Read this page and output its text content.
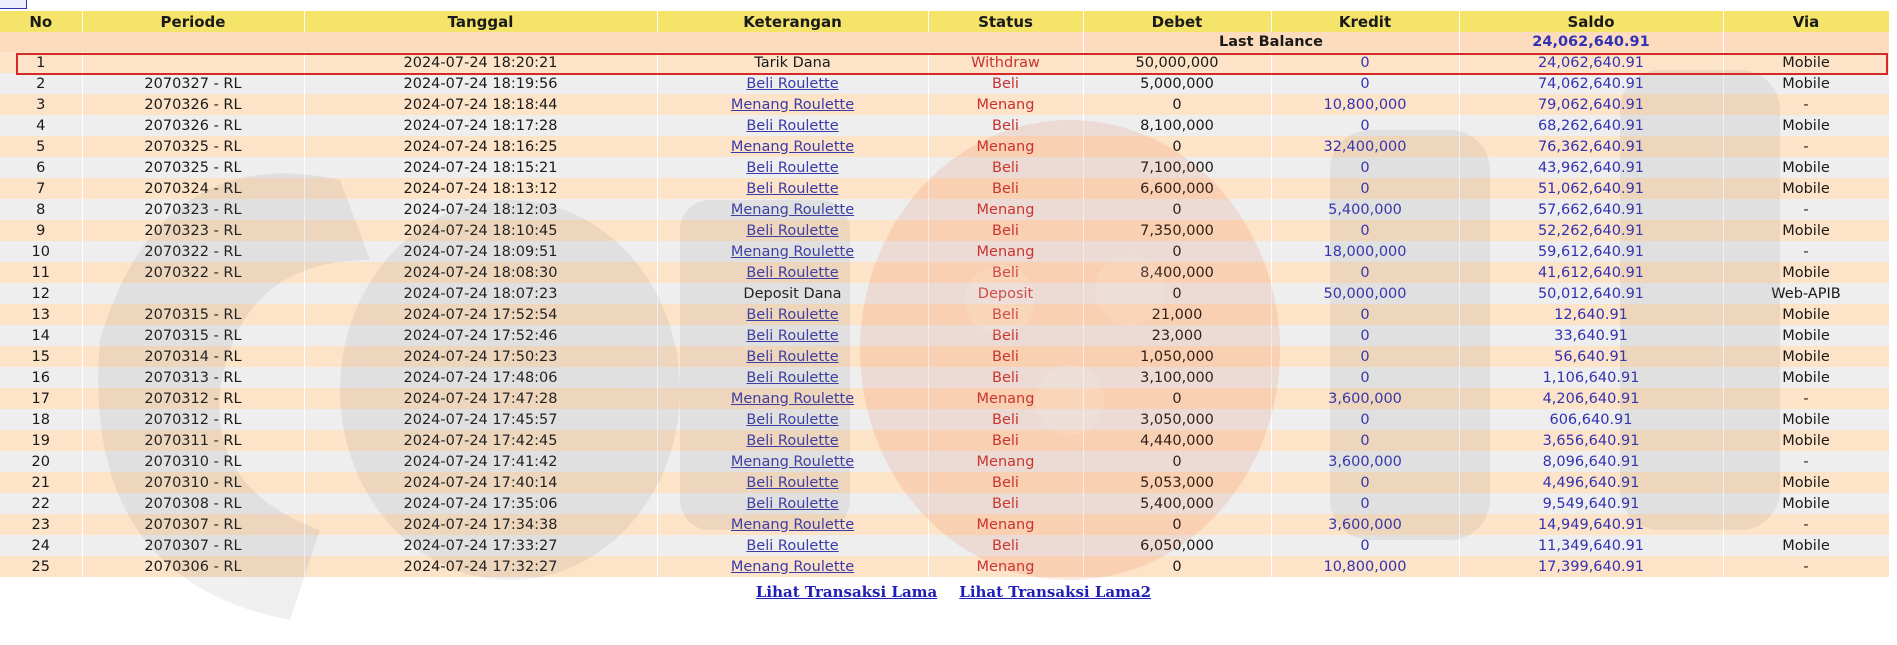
No	Periode	Tanggal	Keterangan	Status	Debet	Kredit	Saldo	Via
					Last Balance		24,062,640.91	
1		2024-07-24 18:20:21	Tarik Dana	Withdraw	50,000,000	0	24,062,640.91	Mobile
2	2070327 - RL	2024-07-24 18:19:56	Beli Roulette	Beli	5,000,000	0	74,062,640.91	Mobile
3	2070326 - RL	2024-07-24 18:18:44	Menang Roulette	Menang	0	10,800,000	79,062,640.91	-
4	2070326 - RL	2024-07-24 18:17:28	Beli Roulette	Beli	8,100,000	0	68,262,640.91	Mobile
5	2070325 - RL	2024-07-24 18:16:25	Menang Roulette	Menang	0	32,400,000	76,362,640.91	-
6	2070325 - RL	2024-07-24 18:15:21	Beli Roulette	Beli	7,100,000	0	43,962,640.91	Mobile
7	2070324 - RL	2024-07-24 18:13:12	Beli Roulette	Beli	6,600,000	0	51,062,640.91	Mobile
8	2070323 - RL	2024-07-24 18:12:03	Menang Roulette	Menang	0	5,400,000	57,662,640.91	-
9	2070323 - RL	2024-07-24 18:10:45	Beli Roulette	Beli	7,350,000	0	52,262,640.91	Mobile
10	2070322 - RL	2024-07-24 18:09:51	Menang Roulette	Menang	0	18,000,000	59,612,640.91	-
11	2070322 - RL	2024-07-24 18:08:30	Beli Roulette	Beli	8,400,000	0	41,612,640.91	Mobile
12		2024-07-24 18:07:23	Deposit Dana	Deposit	0	50,000,000	50,012,640.91	Web-APIB
13	2070315 - RL	2024-07-24 17:52:54	Beli Roulette	Beli	21,000	0	12,640.91	Mobile
14	2070315 - RL	2024-07-24 17:52:46	Beli Roulette	Beli	23,000	0	33,640.91	Mobile
15	2070314 - RL	2024-07-24 17:50:23	Beli Roulette	Beli	1,050,000	0	56,640.91	Mobile
16	2070313 - RL	2024-07-24 17:48:06	Beli Roulette	Beli	3,100,000	0	1,106,640.91	Mobile
17	2070312 - RL	2024-07-24 17:47:28	Menang Roulette	Menang	0	3,600,000	4,206,640.91	-
18	2070312 - RL	2024-07-24 17:45:57	Beli Roulette	Beli	3,050,000	0	606,640.91	Mobile
19	2070311 - RL	2024-07-24 17:42:45	Beli Roulette	Beli	4,440,000	0	3,656,640.91	Mobile
20	2070310 - RL	2024-07-24 17:41:42	Menang Roulette	Menang	0	3,600,000	8,096,640.91	-
21	2070310 - RL	2024-07-24 17:40:14	Beli Roulette	Beli	5,053,000	0	4,496,640.91	Mobile
22	2070308 - RL	2024-07-24 17:35:06	Beli Roulette	Beli	5,400,000	0	9,549,640.91	Mobile
23	2070307 - RL	2024-07-24 17:34:38	Menang Roulette	Menang	0	3,600,000	14,949,640.91	-
24	2070307 - RL	2024-07-24 17:33:27	Beli Roulette	Beli	6,050,000	0	11,349,640.91	Mobile
25	2070306 - RL	2024-07-24 17:32:27	Menang Roulette	Menang	0	10,800,000	17,399,640.91	-
Lihat Transaksi Lama Lihat Transaksi Lama2
